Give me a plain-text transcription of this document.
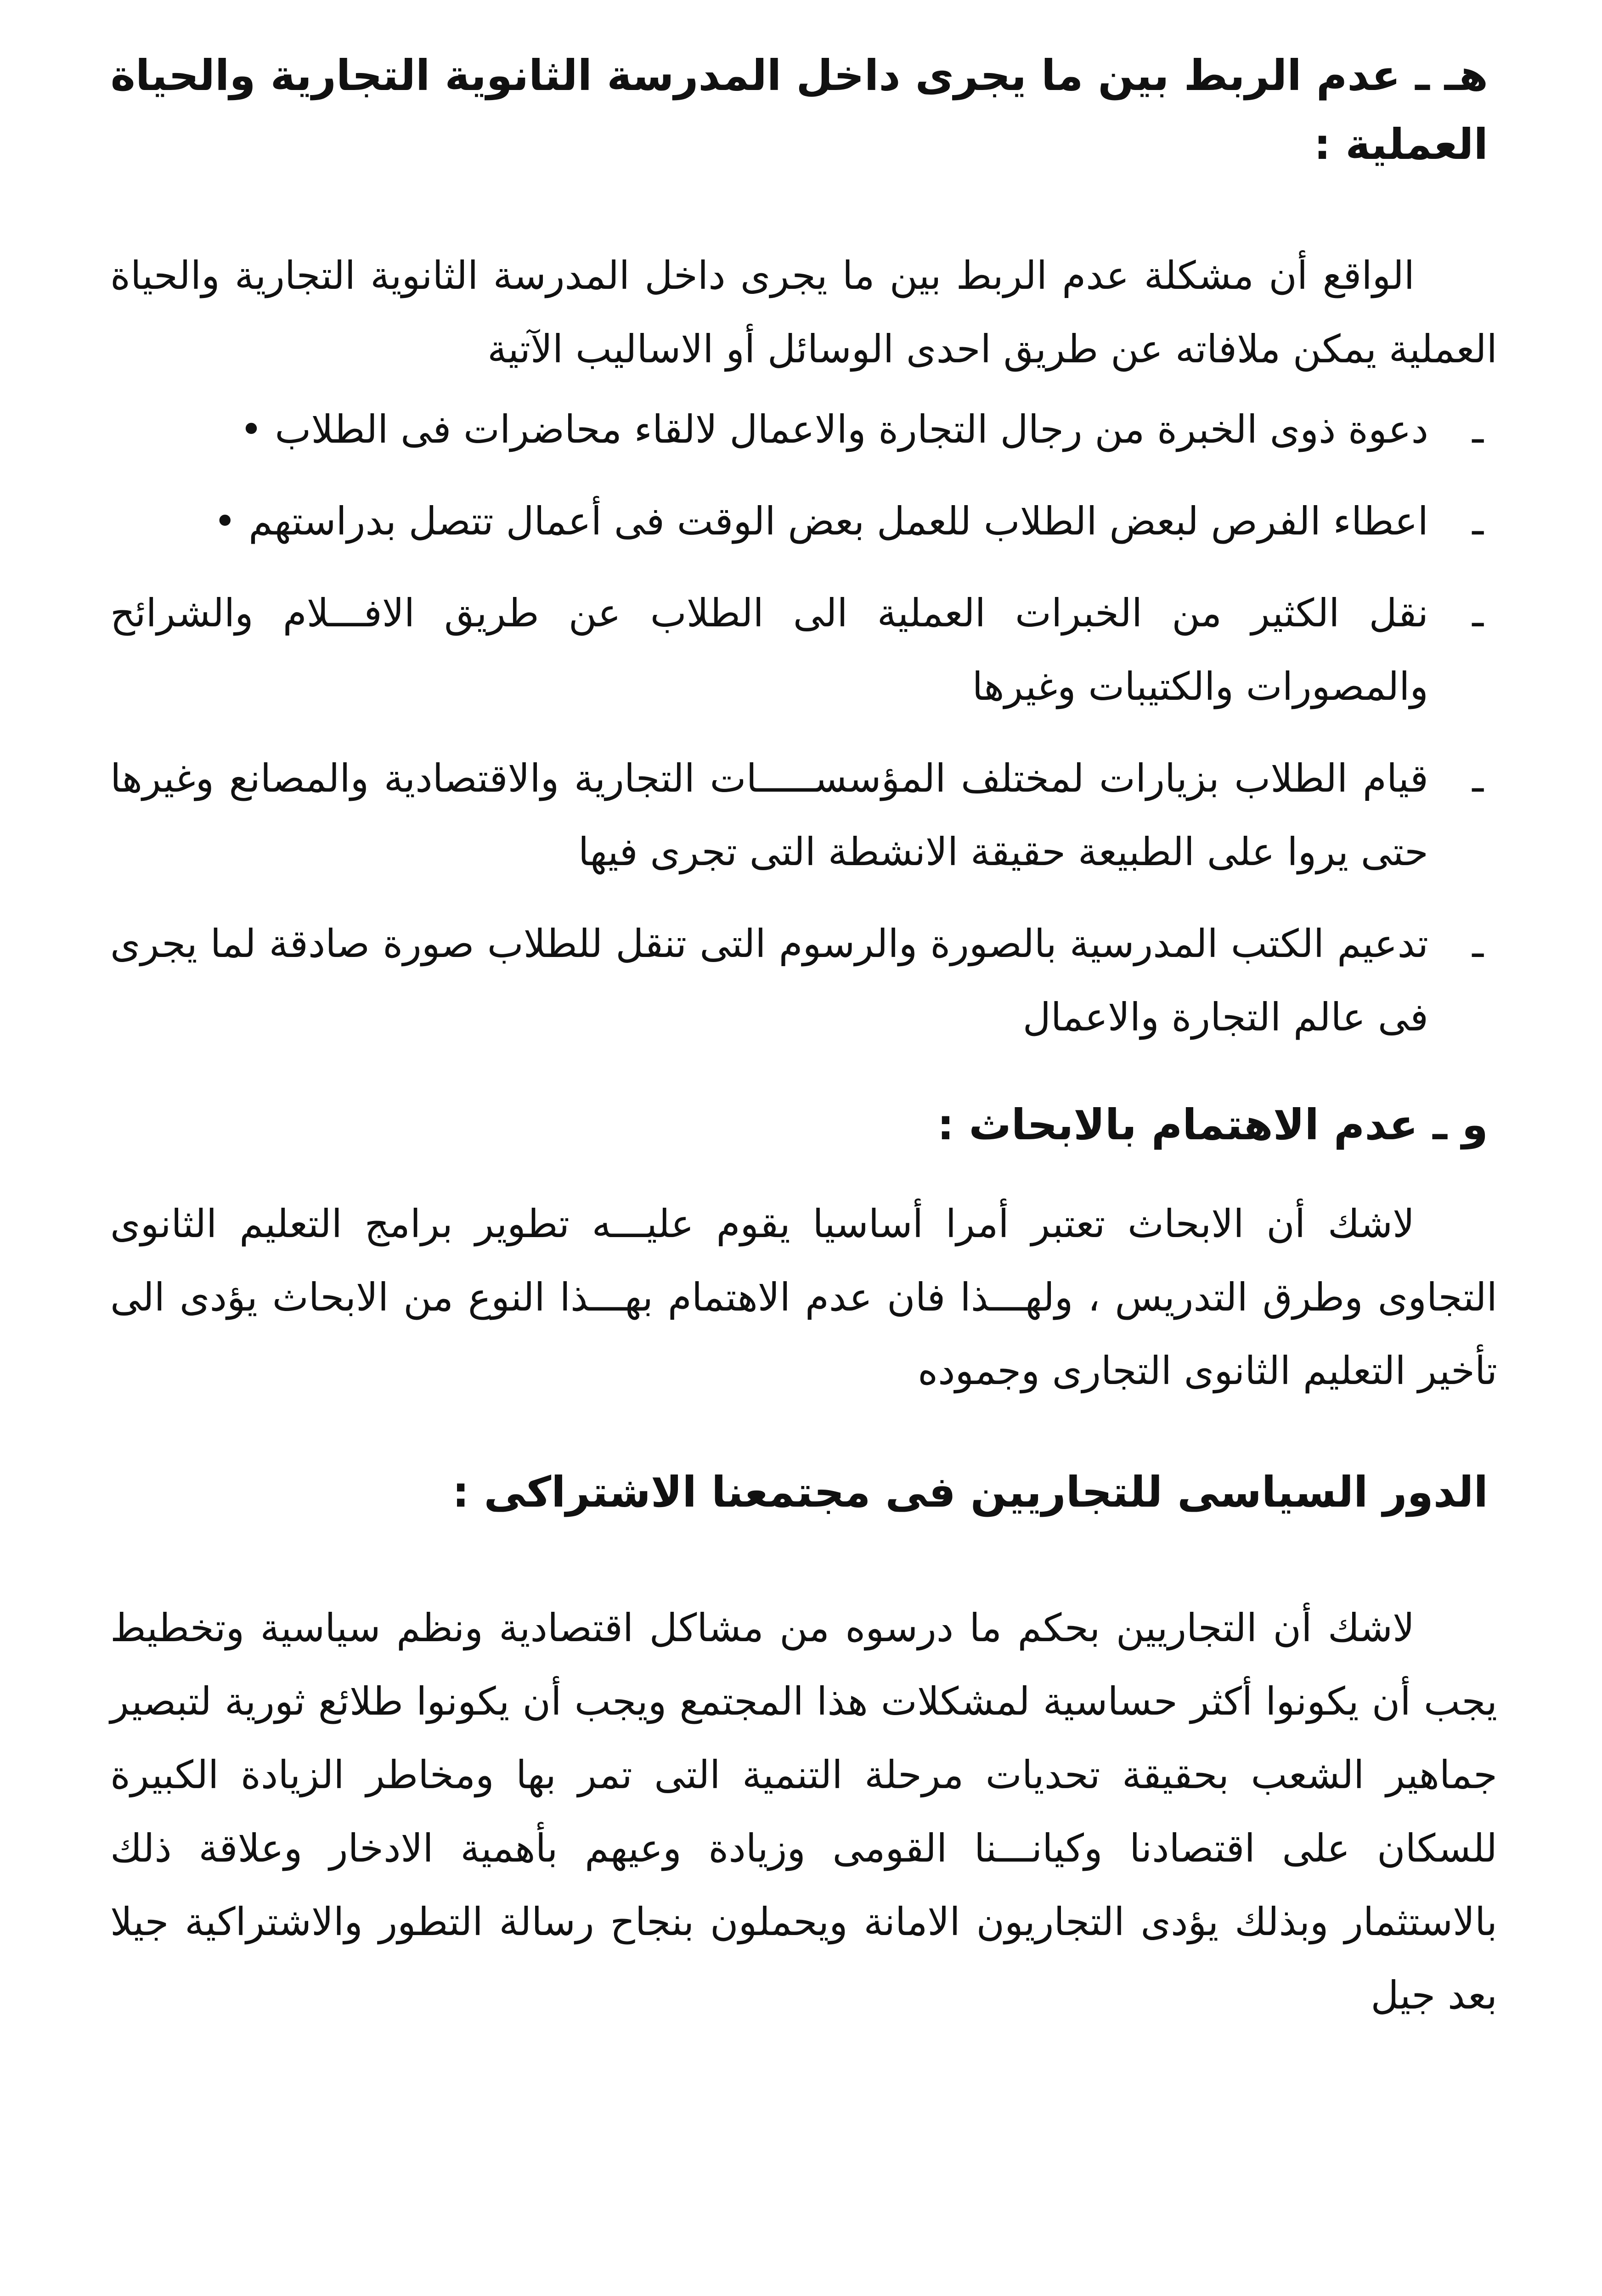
هـ ـ عدم الربط بين ما يجرى داخل المدرسة الثانوية التجارية والحياة العملية :

الواقع أن مشكلة عدم الربط بين ما يجرى داخل المدرسة الثانوية التجارية والحياة العملية يمكن ملافاته عن طريق احدى الوسائل أو الاساليب الآتية

ـ
دعوة ذوى الخبرة من رجال التجارة والاعمال لالقاء محاضرات فى الطلاب •
ـ
اعطاء الفرص لبعض الطلاب للعمل بعض الوقت فى أعمال تتصل بدراستهم •
ـ
نقل الكثير من الخبرات العملية الى الطلاب عن طريق الافـــلام والشرائح والمصورات والكتيبات وغيرها
ـ
قيام الطلاب بزيارات لمختلف المؤسســـــات التجارية والاقتصادية والمصانع وغيرها حتى يروا على الطبيعة حقيقة الانشطة التى تجرى فيها
ـ
تدعيم الكتب المدرسية بالصورة والرسوم التى تنقل للطلاب صورة صادقة لما يجرى فى عالم التجارة والاعمال
و ـ عدم الاهتمام بالابحاث :

لاشك أن الابحاث تعتبر أمرا أساسيا يقوم عليـــه تطوير برامج التعليم الثانوى التجاوى وطرق التدريس ، ولهـــذا فان عدم الاهتمام بهـــذا النوع من الابحاث يؤدى الى تأخير التعليم الثانوى التجارى وجموده

الدور السياسى للتجاريين فى مجتمعنا الاشتراكى :

لاشك أن التجاريين بحكم ما درسوه من مشاكل اقتصادية ونظم سياسية وتخطيط يجب أن يكونوا أكثر حساسية لمشكلات هذا المجتمع ويجب أن يكونوا طلائع ثورية لتبصير جماهير الشعب بحقيقة تحديات مرحلة التنمية التى تمر بها ومخاطر الزيادة الكبيرة للسكان على اقتصادنا وكيانـــنا القومى وزيادة وعيهم بأهمية الادخار وعلاقة ذلك بالاستثمار وبذلك يؤدى التجاريون الامانة ويحملون بنجاح رسالة التطور والاشتراكية جيلا بعد جيل
